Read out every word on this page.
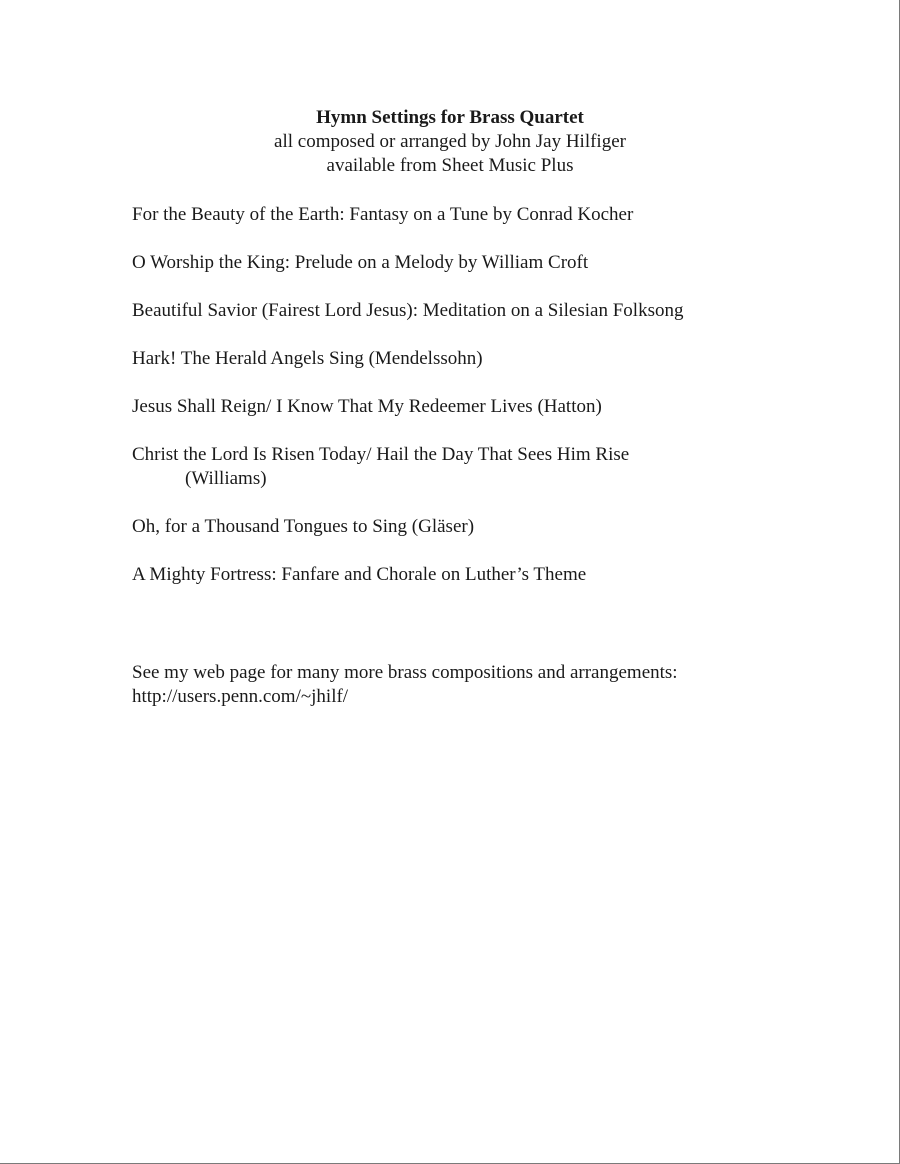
Hymn Settings for Brass Quartet
all composed or arranged by John Jay Hilfiger
available from Sheet Music Plus
For the Beauty of the Earth: Fantasy on a Tune by Conrad Kocher
O Worship the King: Prelude on a Melody by William Croft
Beautiful Savior (Fairest Lord Jesus): Meditation on a Silesian Folksong
Hark! The Herald Angels Sing (Mendelssohn)
Jesus Shall Reign/ I Know That My Redeemer Lives (Hatton)
Christ the Lord Is Risen Today/ Hail the Day That Sees Him Rise
(Williams)
Oh, for a Thousand Tongues to Sing (Gläser)
A Mighty Fortress: Fanfare and Chorale on Luther’s Theme
See my web page for many more brass compositions and arrangements:
http://users.penn.com/~jhilf/
